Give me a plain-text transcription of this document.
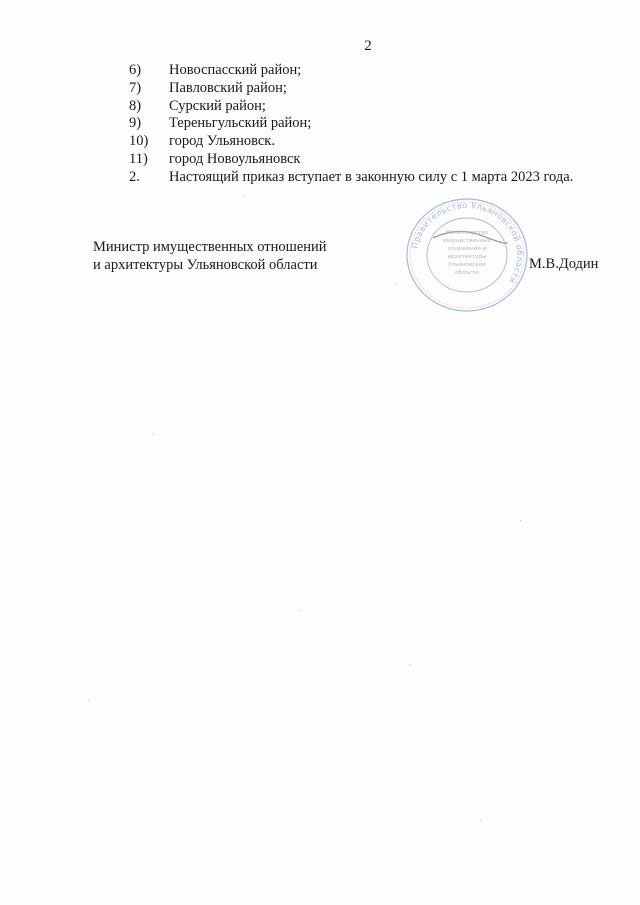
2
6)	Новоспасский район;
7)	Павловский район;
8)	Сурский район;
9)	Тереньгульский район;
10)	город Ульяновск.
11)	город Новоульяновск
2.	Настоящий приказ вступает в законную силу с 1 марта 2023 года.
Министр имущественных отношений
и архитектуры Ульяновской области
Правительство Ульяновской области
Министерство
имущественных
отношений и
архитектуры
Ульяновской
области
М.В.Додин
